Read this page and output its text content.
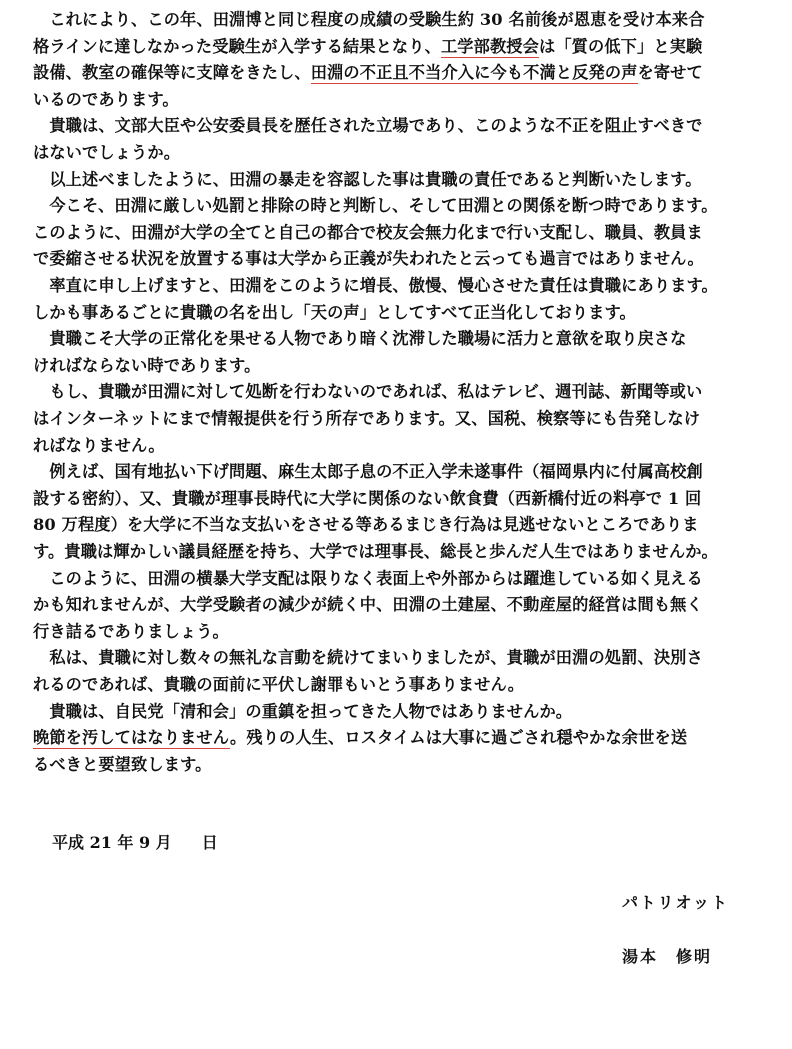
　これにより、この年、田淵博と同じ程度の成績の受験生約 30 名前後が恩恵を受け本来合
格ラインに達しなかった受験生が入学する結果となり、工学部教授会は「質の低下」と実験
設備、教室の確保等に支障をきたし、田淵の不正且不当介入に今も不満と反発の声を寄せて
いるのであります。
　貴職は、文部大臣や公安委員長を歴任された立場であり、このような不正を阻止すべきで
はないでしょうか。
　以上述べましたように、田淵の暴走を容認した事は貴職の責任であると判断いたします。
　今こそ、田淵に厳しい処罰と排除の時と判断し、そして田淵との関係を断つ時であります。
このように、田淵が大学の全てと自己の都合で校友会無力化まで行い支配し、職員、教員ま
で委縮させる状況を放置する事は大学から正義が失われたと云っても過言ではありません。
　率直に申し上げますと、田淵をこのように増長、傲慢、慢心させた責任は貴職にあります。
しかも事あるごとに貴職の名を出し「天の声」としてすべて正当化しております。
　貴職こそ大学の正常化を果せる人物であり暗く沈滞した職場に活力と意欲を取り戻さな
ければならない時であります。
　もし、貴職が田淵に対して処断を行わないのであれば、私はテレビ、週刊誌、新聞等或い
はインターネットにまで情報提供を行う所存であります。又、国税、検察等にも告発しなけ
ればなりません。
　例えば、国有地払い下げ問題、麻生太郎子息の不正入学未遂事件（福岡県内に付属高校創
設する密約）、又、貴職が理事長時代に大学に関係のない飲食費（西新橋付近の料亭で 1 回
80 万程度）を大学に不当な支払いをさせる等あるまじき行為は見逃せないところでありま
す。貴職は輝かしい議員経歴を持ち、大学では理事長、総長と歩んだ人生ではありませんか。
　このように、田淵の横暴大学支配は限りなく表面上や外部からは躍進している如く見える
かも知れませんが、大学受験者の減少が続く中、田淵の土建屋、不動産屋的経営は間も無く
行き詰るでありましょう。
　私は、貴職に対し数々の無礼な言動を続けてまいりましたが、貴職が田淵の処罰、決別さ
れるのであれば、貴職の面前に平伏し謝罪もいとう事ありません。
　貴職は、自民党「清和会」の重鎮を担ってきた人物ではありませんか。
晩節を汚してはなりません。残りの人生、ロスタイムは大事に過ごされ穏やかな余世を送
るべきと要望致します。
平成 21 年 9 月 日
パトリオット
湯本 修明
